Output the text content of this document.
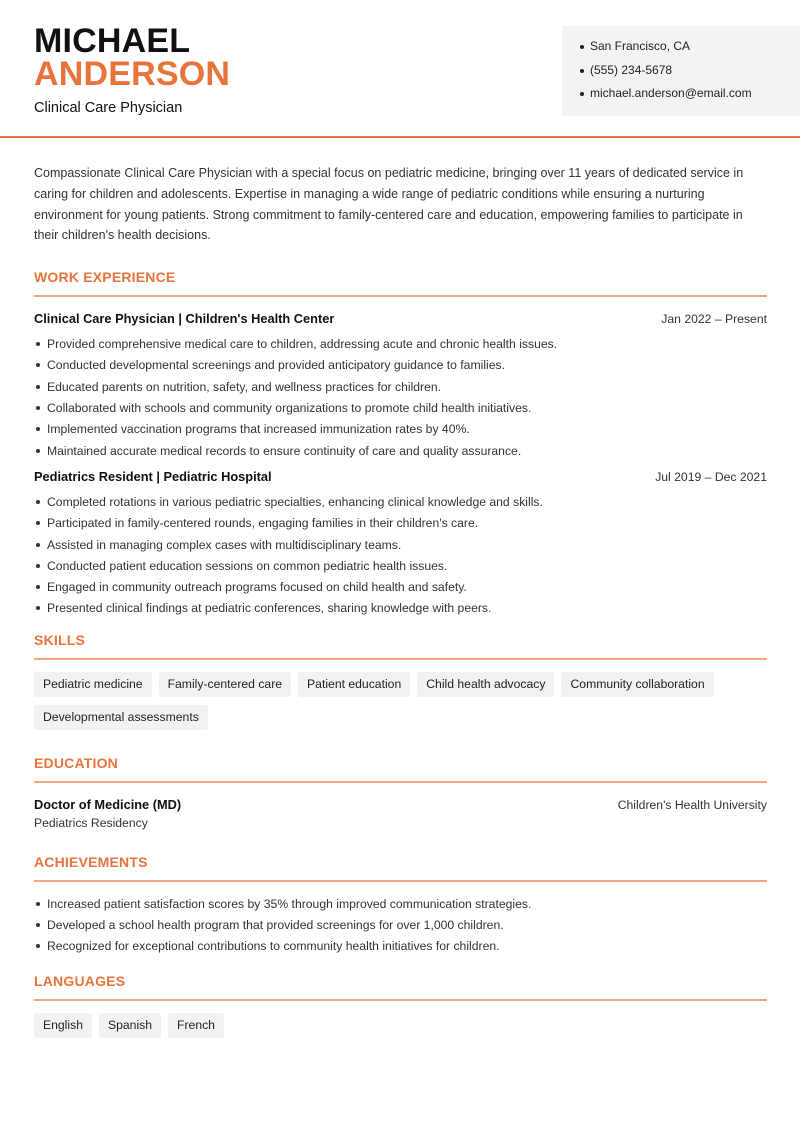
MICHAEL
ANDERSON
Clinical Care Physician
San Francisco, CA
(555) 234-5678
michael.anderson@email.com

Compassionate Clinical Care Physician with a special focus on pediatric medicine, bringing over 11 years of dedicated service in caring for children and adolescents. Expertise in managing a wide range of pediatric conditions while ensuring a nurturing environment for young patients. Strong commitment to family-centered care and education, empowering families to participate in their children's health decisions.

WORK EXPERIENCE
Clinical Care Physician | Children's Health Center	Jan 2022 – Present
Provided comprehensive medical care to children, addressing acute and chronic health issues.
Conducted developmental screenings and provided anticipatory guidance to families.
Educated parents on nutrition, safety, and wellness practices for children.
Collaborated with schools and community organizations to promote child health initiatives.
Implemented vaccination programs that increased immunization rates by 40%.
Maintained accurate medical records to ensure continuity of care and quality assurance.
Pediatrics Resident | Pediatric Hospital	Jul 2019 – Dec 2021
Completed rotations in various pediatric specialties, enhancing clinical knowledge and skills.
Participated in family-centered rounds, engaging families in their children's care.
Assisted in managing complex cases with multidisciplinary teams.
Conducted patient education sessions on common pediatric health issues.
Engaged in community outreach programs focused on child health and safety.
Presented clinical findings at pediatric conferences, sharing knowledge with peers.
SKILLS
Pediatric medicine	Family-centered care	Patient education	Child health advocacy	Community collaboration
Developmental assessments
EDUCATION
Doctor of Medicine (MD)	Children's Health University
Pediatrics Residency
ACHIEVEMENTS
Increased patient satisfaction scores by 35% through improved communication strategies.
Developed a school health program that provided screenings for over 1,000 children.
Recognized for exceptional contributions to community health initiatives for children.
LANGUAGES
English	Spanish	French
